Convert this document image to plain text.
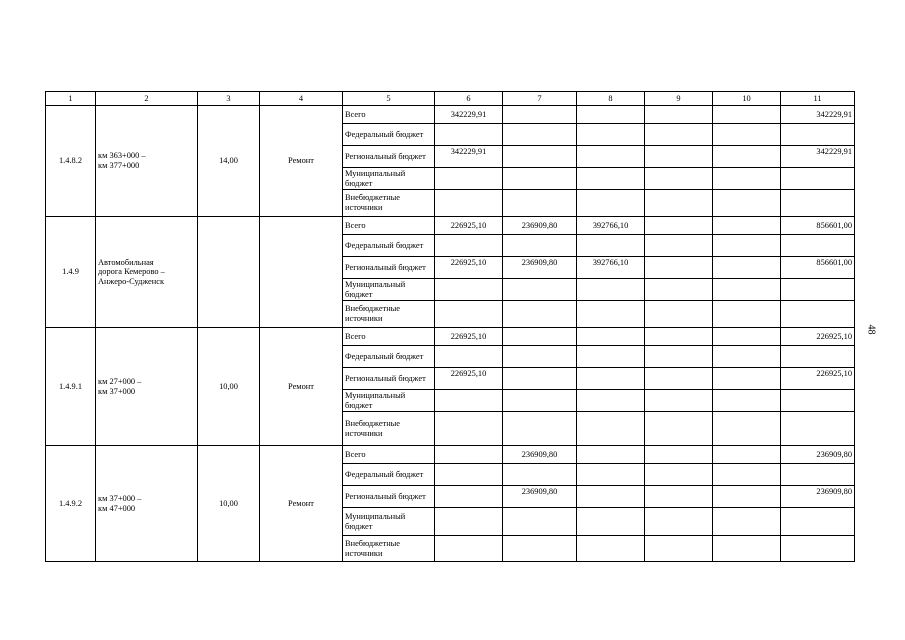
1	2	3	4	5	6	7	8	9	10	11
1.4.8.2	км 363+000 –
км 377+000	14,00	Ремонт	Всего	342229,91					342229,91
				Федеральный бюджет						
				Региональный бюджет	342229,91					342229,91
				Муниципальный бюджет						
				Внебюджетные источники						
1.4.9	Автомобильная
дорога Кемерово –
Анжеро-Судженск			Всего	226925,10	236909,80	392766,10			856601,00
				Федеральный бюджет						
				Региональный бюджет	226925,10	236909,80	392766,10			856601,00
				Муниципальный бюджет						
				Внебюджетные источники						
1.4.9.1	км 27+000 –
км 37+000	10,00	Ремонт	Всего	226925,10					226925,10
				Федеральный бюджет						
				Региональный бюджет	226925,10					226925,10
				Муниципальный бюджет						
				Внебюджетные источники						
1.4.9.2	км 37+000 –
км 47+000	10,00	Ремонт	Всего		236909,80				236909,80
				Федеральный бюджет						
				Региональный бюджет		236909,80				236909,80
				Муниципальный бюджет						
				Внебюджетные источники						
48
